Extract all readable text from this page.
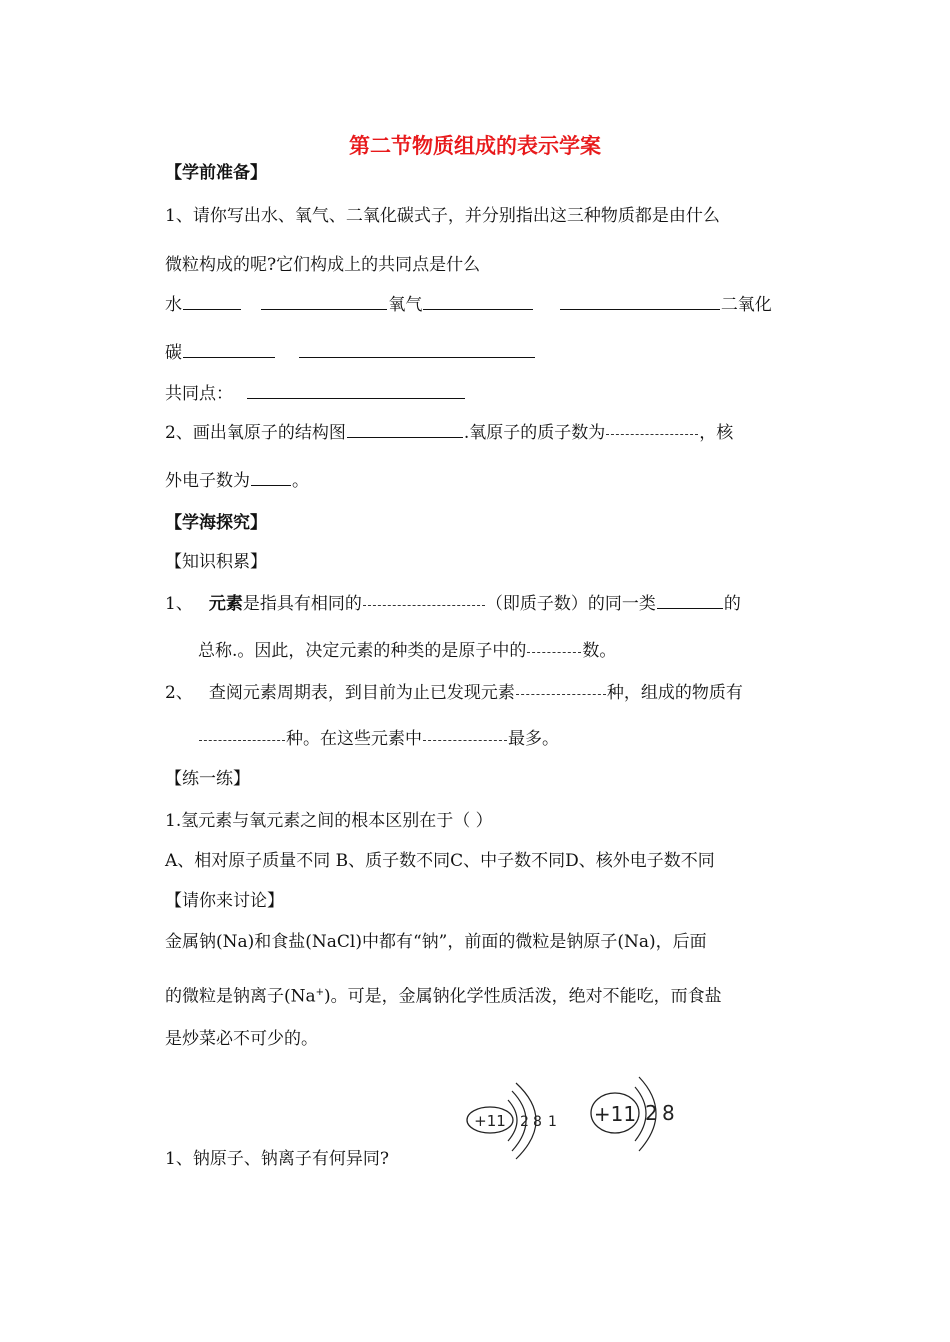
第二节物质组成的表示学案
【学前准备】
1、请你写出水、氧气、二氧化碳式子，并分别指出这三种物质都是由什么
微粒构成的呢?它们构成上的共同点是什么
水	氧气	二氧化
碳
共同点：
2、画出氧原子的结构图	.氧原子的质子数为	，核
外电子数为 。
【学海探究】
【知识积累】
1、 元素是指具有相同的	（即质子数）的同一类	的
总称.。因此，决定元素的种类的是原子中的	数。
2、 查阅元素周期表，到目前为止已发现元素	种，组成的物质有
种。在这些元素中	最多。
【练一练】
1.氢元素与氧元素之间的根本区别在于（ ）
A、相对原子质量不同 B、质子数不同C、中子数不同D、核外电子数不同
【请你来讨论】
金属钠(Na)和食盐(NaCl)中都有“钠”，前面的微粒是钠原子(Na)，后面
的微粒是钠离子(Na+)。可是，金属钠化学性质活泼，绝对不能吃，而食盐
是炒菜必不可少的。
+11 2 8 1 +11 2 8
1、钠原子、钠离子有何异同?
